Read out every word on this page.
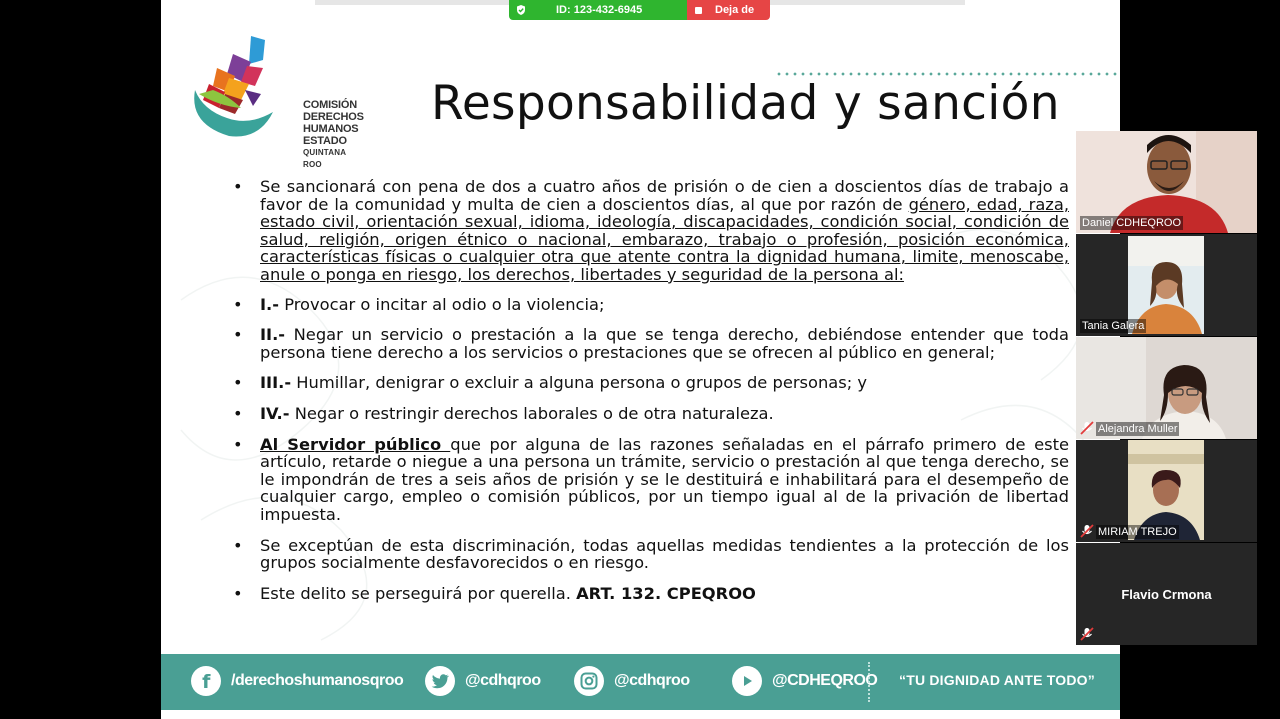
COMISIÓN
DERECHOS
HUMANOS
ESTADO
QUINTANA ROO
Responsabilidad y sanción
• Se sancionará con pena de dos a cuatro años de prisión o de cien a doscientos días de trabajo a favor de la comunidad y multa de cien a doscientos días, al que por razón de género, edad, raza, estado civil, orientación sexual, idioma, ideología, discapacidades, condición social, condición de salud, religión, origen étnico o nacional, embarazo, trabajo o profesión, posición económica, características físicas o cualquier otra que atente contra la dignidad humana, limite, menoscabe, anule o ponga en riesgo, los derechos, libertades y seguridad de la persona al:
• I.- Provocar o incitar al odio o la violencia;
• II.- Negar un servicio o prestación a la que se tenga derecho, debiéndose entender que toda persona tiene derecho a los servicios o prestaciones que se ofrecen al público en general;
• III.- Humillar, denigrar o excluir a alguna persona o grupos de personas; y
• IV.- Negar o restringir derechos laborales o de otra naturaleza.
• Al Servidor público que por alguna de las razones señaladas en el párrafo primero de este artículo, retarde o niegue a una persona un trámite, servicio o prestación al que tenga derecho, se le impondrán de tres a seis años de prisión y se le destituirá e inhabilitará para el desempeño de cualquier cargo, empleo o comisión públicos, por un tiempo igual al de la privación de libertad impuesta.
• Se exceptúan de esta discriminación, todas aquellas medidas tendientes a la protección de los grupos socialmente desfavorecidos o en riesgo.
• Este delito se perseguirá por querella. ART. 132. CPEQROO
f /derechoshumanosqroo	@cdhqroo	@cdhqroo	@CDHEQROO “TU DIGNIDAD ANTE TODO”
ID: 123-432-6945	Deja de
Daniel CDHEQROO
Tania Galera
Alejandra Muller
MIRIAM TREJO
Flavio Crmona
